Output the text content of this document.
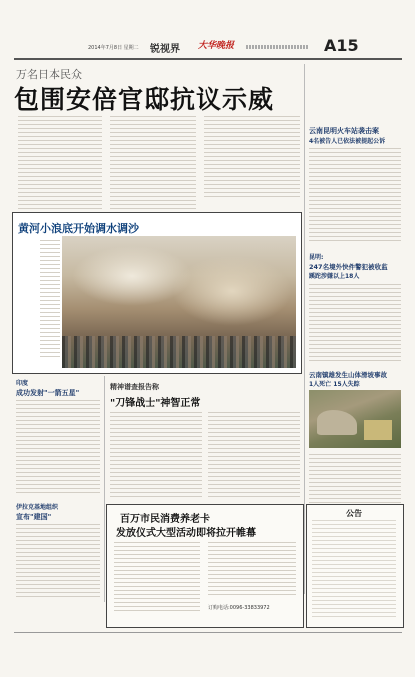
2014年7月8日 星期二 锐视界 大华晚报	A15
万名日本民众
包围安倍官邸抗议示威
云南昆明火车站袭击案
4名被告人已依法被提起公诉
昆明:
247名境外快件警犯被收监
蹊跎涉嫌以上18人
云南镇雄发生山体滑坡事故
1人死亡 15人失踪
黄河小浪底开始调水调沙
印度
成功发射"一箭五星"
伊拉克基地组织
宣布"建国"
精神谱查报告称
"刀锋战士"神智正常
百万市民消费养老卡
发放仪式大型活动即将拉开帷幕
订购电话:0096-33833972
公告
